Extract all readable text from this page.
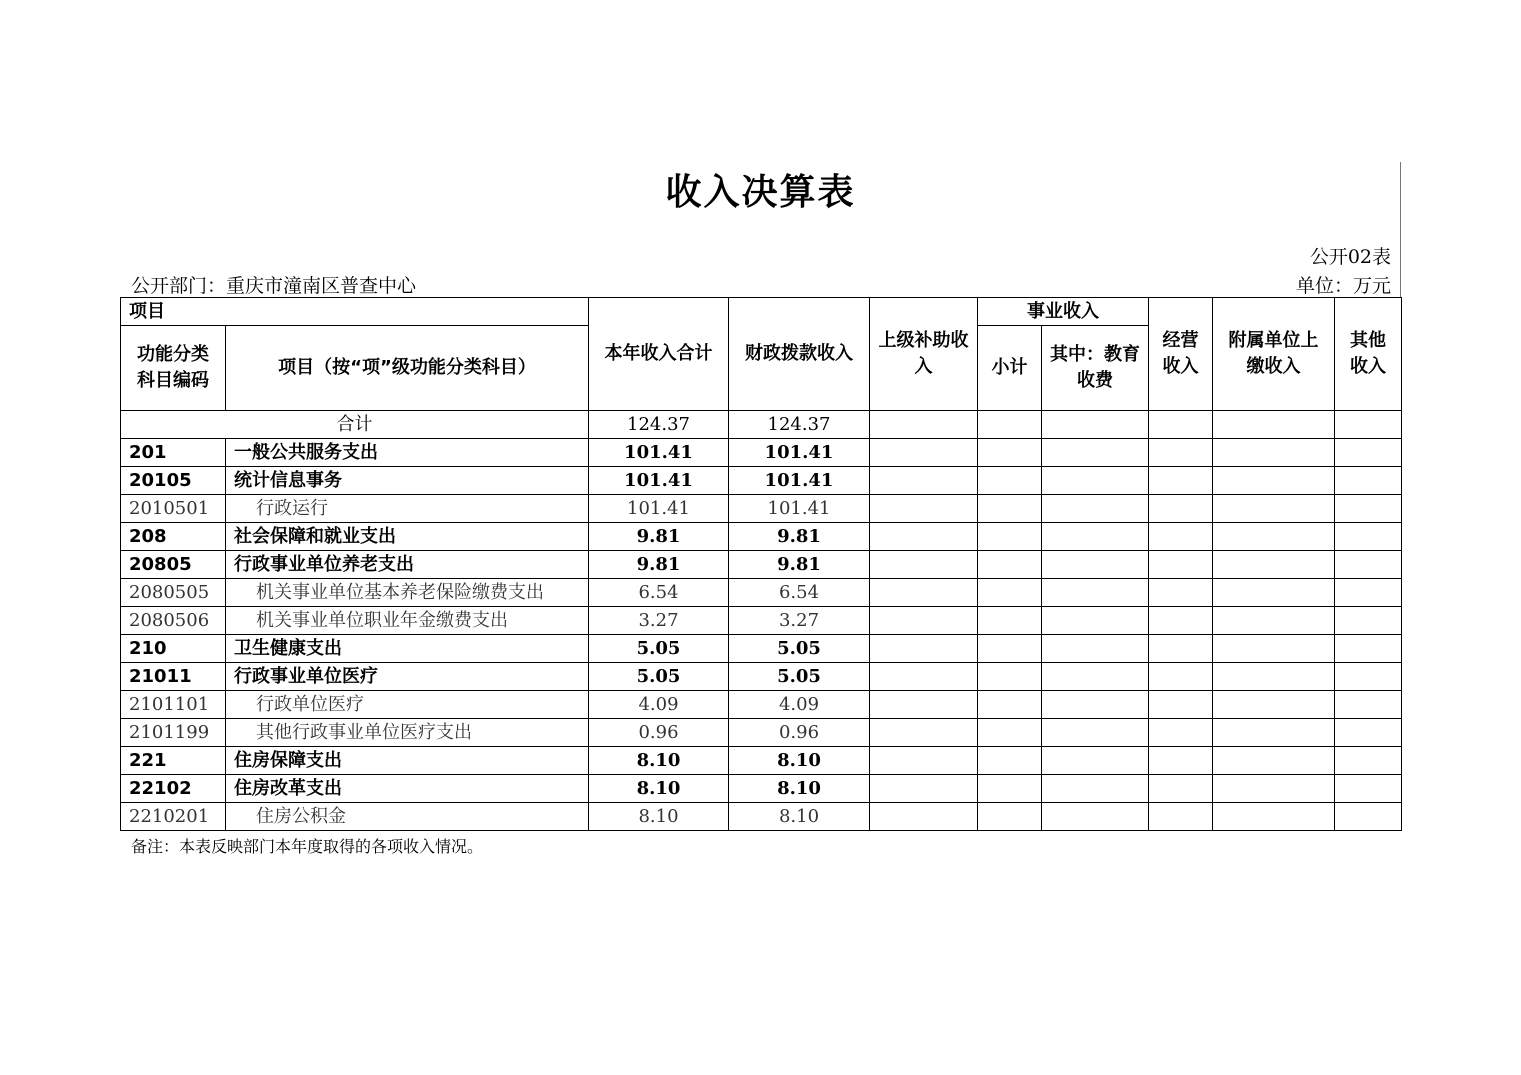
收入决算表
公开02表
公开部门：重庆市潼南区普查中心	单位：万元
项目		本年收入合计	财政拨款收入	上级补助收入	事业收入		经营收入	附属单位上缴收入	其他收入
功能分类科目编码	项目（按“项”级功能分类科目）				小计	其中：教育收费			
合计		124.37	124.37						
201	一般公共服务支出	101.41	101.41						
20105	统计信息事务	101.41	101.41						
2010501	行政运行	101.41	101.41						
208	社会保障和就业支出	9.81	9.81						
20805	行政事业单位养老支出	9.81	9.81						
2080505	机关事业单位基本养老保险缴费支出	6.54	6.54						
2080506	机关事业单位职业年金缴费支出	3.27	3.27						
210	卫生健康支出	5.05	5.05						
21011	行政事业单位医疗	5.05	5.05						
2101101	行政单位医疗	4.09	4.09						
2101199	其他行政事业单位医疗支出	0.96	0.96						
221	住房保障支出	8.10	8.10						
22102	住房改革支出	8.10	8.10						
2210201	住房公积金	8.10	8.10						
备注：本表反映部门本年度取得的各项收入情况。
